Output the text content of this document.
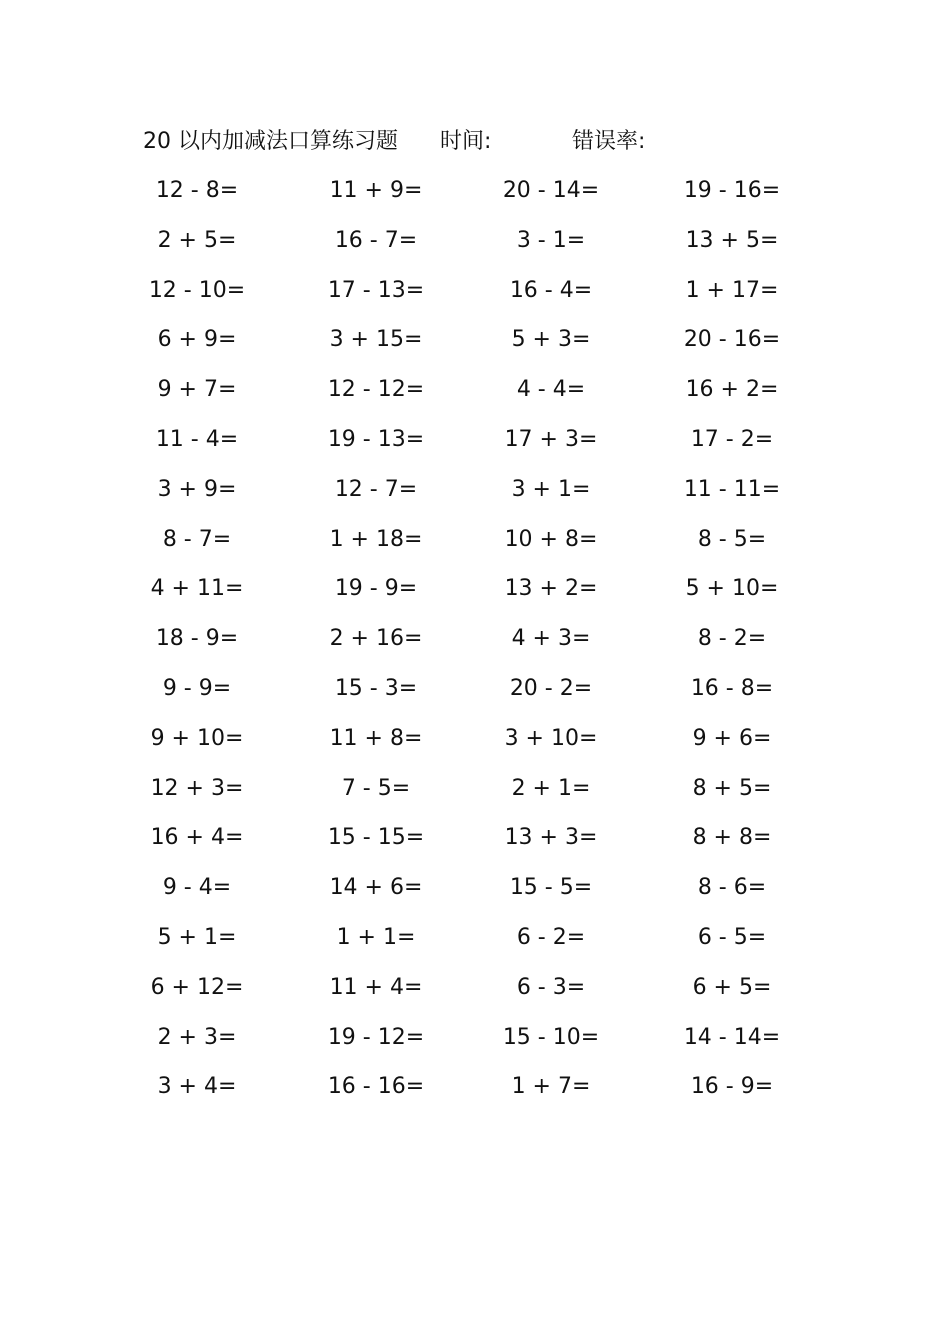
20 以内加减法口算练习题 时间:	错误率:
12 - 8=	11 + 9=	20 - 14=	19 - 16=
2 + 5=	16 - 7=	3 - 1=	13 + 5=
12 - 10=	17 - 13=	16 - 4=	1 + 17=
6 + 9=	3 + 15=	5 + 3=	20 - 16=
9 + 7=	12 - 12=	4 - 4=	16 + 2=
11 - 4=	19 - 13=	17 + 3=	17 - 2=
3 + 9=	12 - 7=	3 + 1=	11 - 11=
8 - 7=	1 + 18=	10 + 8=	8 - 5=
4 + 11=	19 - 9=	13 + 2=	5 + 10=
18 - 9=	2 + 16=	4 + 3=	8 - 2=
9 - 9=	15 - 3=	20 - 2=	16 - 8=
9 + 10=	11 + 8=	3 + 10=	9 + 6=
12 + 3=	7 - 5=	2 + 1=	8 + 5=
16 + 4=	15 - 15=	13 + 3=	8 + 8=
9 - 4=	14 + 6=	15 - 5=	8 - 6=
5 + 1=	1 + 1=	6 - 2=	6 - 5=
6 + 12=	11 + 4=	6 - 3=	6 + 5=
2 + 3=	19 - 12=	15 - 10=	14 - 14=
3 + 4=	16 - 16=	1 + 7=	16 - 9=
